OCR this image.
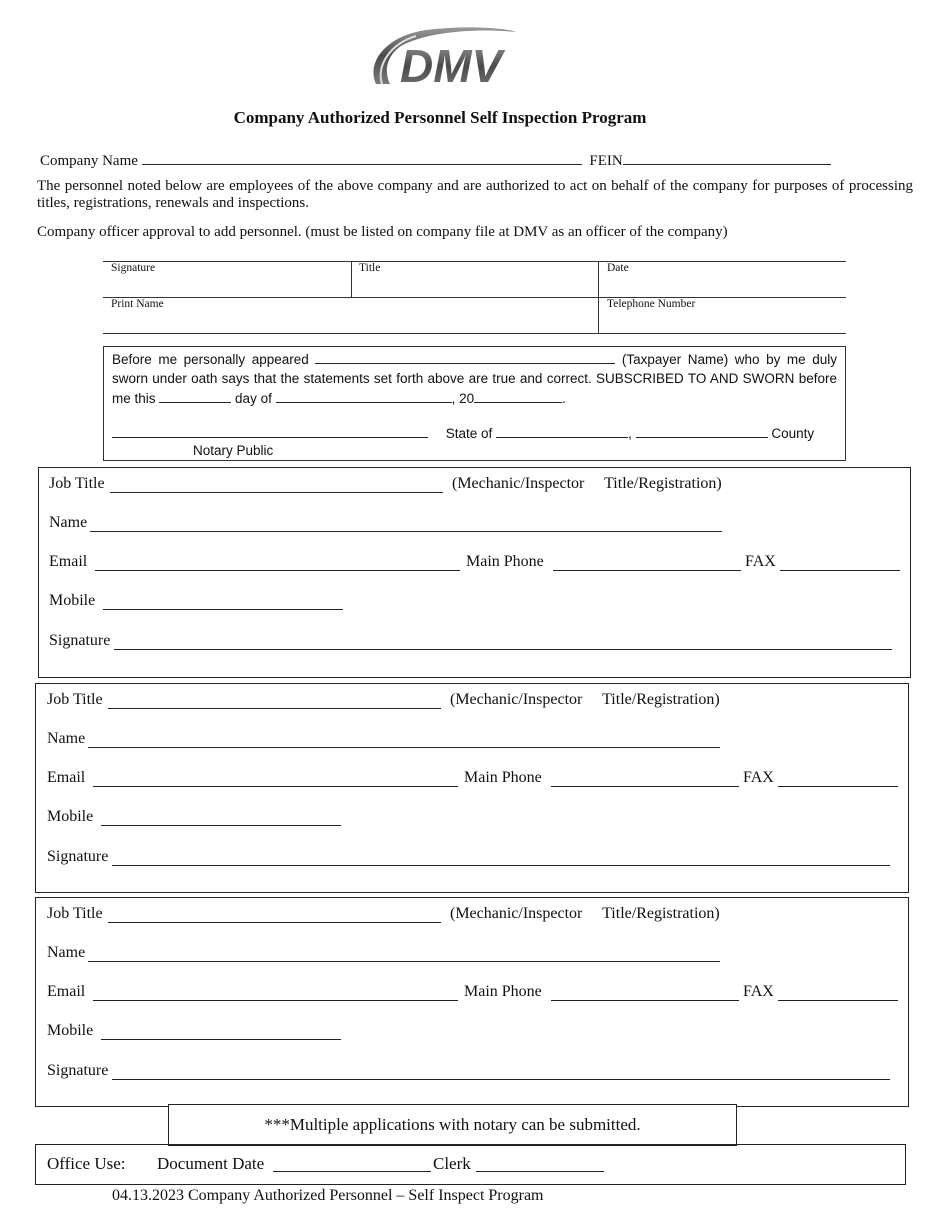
DMV
Company Authorized Personnel Self Inspection Program
Company Name	FEIN
The personnel noted below are employees of the above company and are authorized to act on behalf of the company for purposes of processing titles, registrations, renewals and inspections.
Company officer approval to add personnel. (must be listed on company file at DMV as an officer of the company)
Signature	Title	Date
Print Name	Telephone Number
Before me personally appeared	(Taxpayer Name) who by me duly sworn under oath says that the statements set forth above are true and correct. SUBSCRIBED TO AND SWORN before me this	day of	, 20	.
State of	,	County
Notary Public
Job Title	(Mechanic/Inspector     Title/Registration)
Name
Email	Main Phone	FAX
Mobile
Signature
Job Title	(Mechanic/Inspector     Title/Registration)
Name
Email	Main Phone	FAX
Mobile
Signature
Job Title	(Mechanic/Inspector     Title/Registration)
Name
Email	Main Phone	FAX
Mobile
Signature
***Multiple applications with notary can be submitted.
Office Use: Document Date	Clerk
04.13.2023 Company Authorized Personnel – Self Inspect Program
